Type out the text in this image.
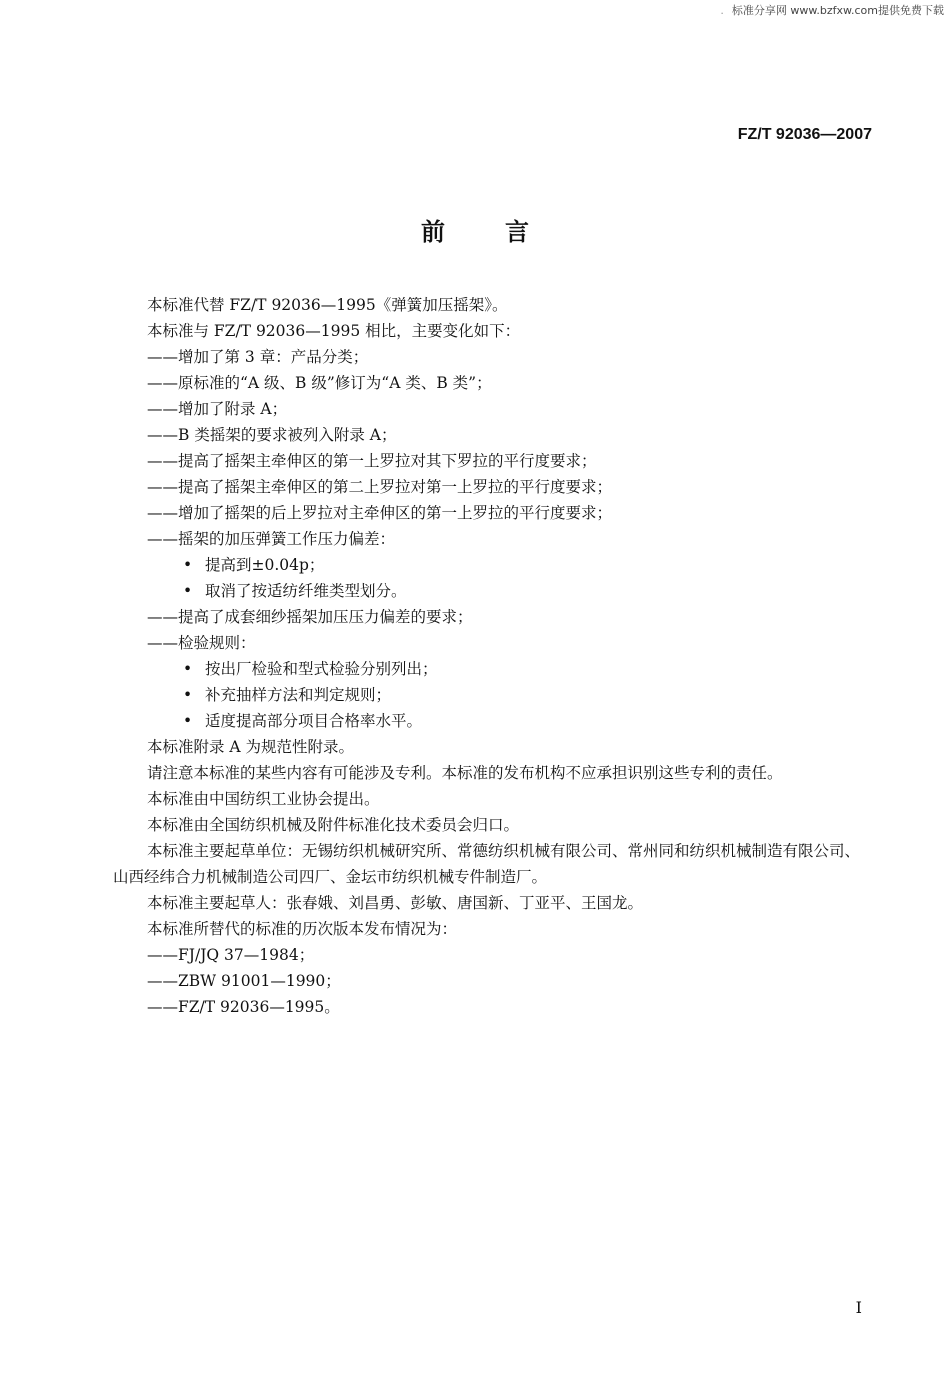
. 标准分享网 www.bzfxw.com提供免费下载
FZ/T 92036—2007
前言

本标准代替 FZ/T 92036—1995《弹簧加压摇架》。

本标准与 FZ/T 92036—1995 相比，主要变化如下：

——增加了第 3 章：产品分类；

——原标准的“A 级、B 级”修订为“A 类、B 类”；

——增加了附录 A；

——B 类摇架的要求被列入附录 A；

——提高了摇架主牵伸区的第一上罗拉对其下罗拉的平行度要求；

——提高了摇架主牵伸区的第二上罗拉对第一上罗拉的平行度要求；

——增加了摇架的后上罗拉对主牵伸区的第一上罗拉的平行度要求；

——摇架的加压弹簧工作压力偏差：

• 提高到±0.04p；

• 取消了按适纺纤维类型划分。

——提高了成套细纱摇架加压压力偏差的要求；

——检验规则：

• 按出厂检验和型式检验分别列出；

• 补充抽样方法和判定规则；

• 适度提高部分项目合格率水平。

本标准附录 A 为规范性附录。

请注意本标准的某些内容有可能涉及专利。本标准的发布机构不应承担识别这些专利的责任。

本标准由中国纺织工业协会提出。

本标准由全国纺织机械及附件标准化技术委员会归口。

本标准主要起草单位：无锡纺织机械研究所、常德纺织机械有限公司、常州同和纺织机械制造有限公司、山西经纬合力机械制造公司四厂、金坛市纺织机械专件制造厂。

本标准主要起草人：张春娥、刘昌勇、彭敏、唐国新、丁亚平、王国龙。

本标准所替代的标准的历次版本发布情况为：

——FJ/JQ 37—1984；

——ZBW 91001—1990；

——FZ/T 92036—1995。

I
